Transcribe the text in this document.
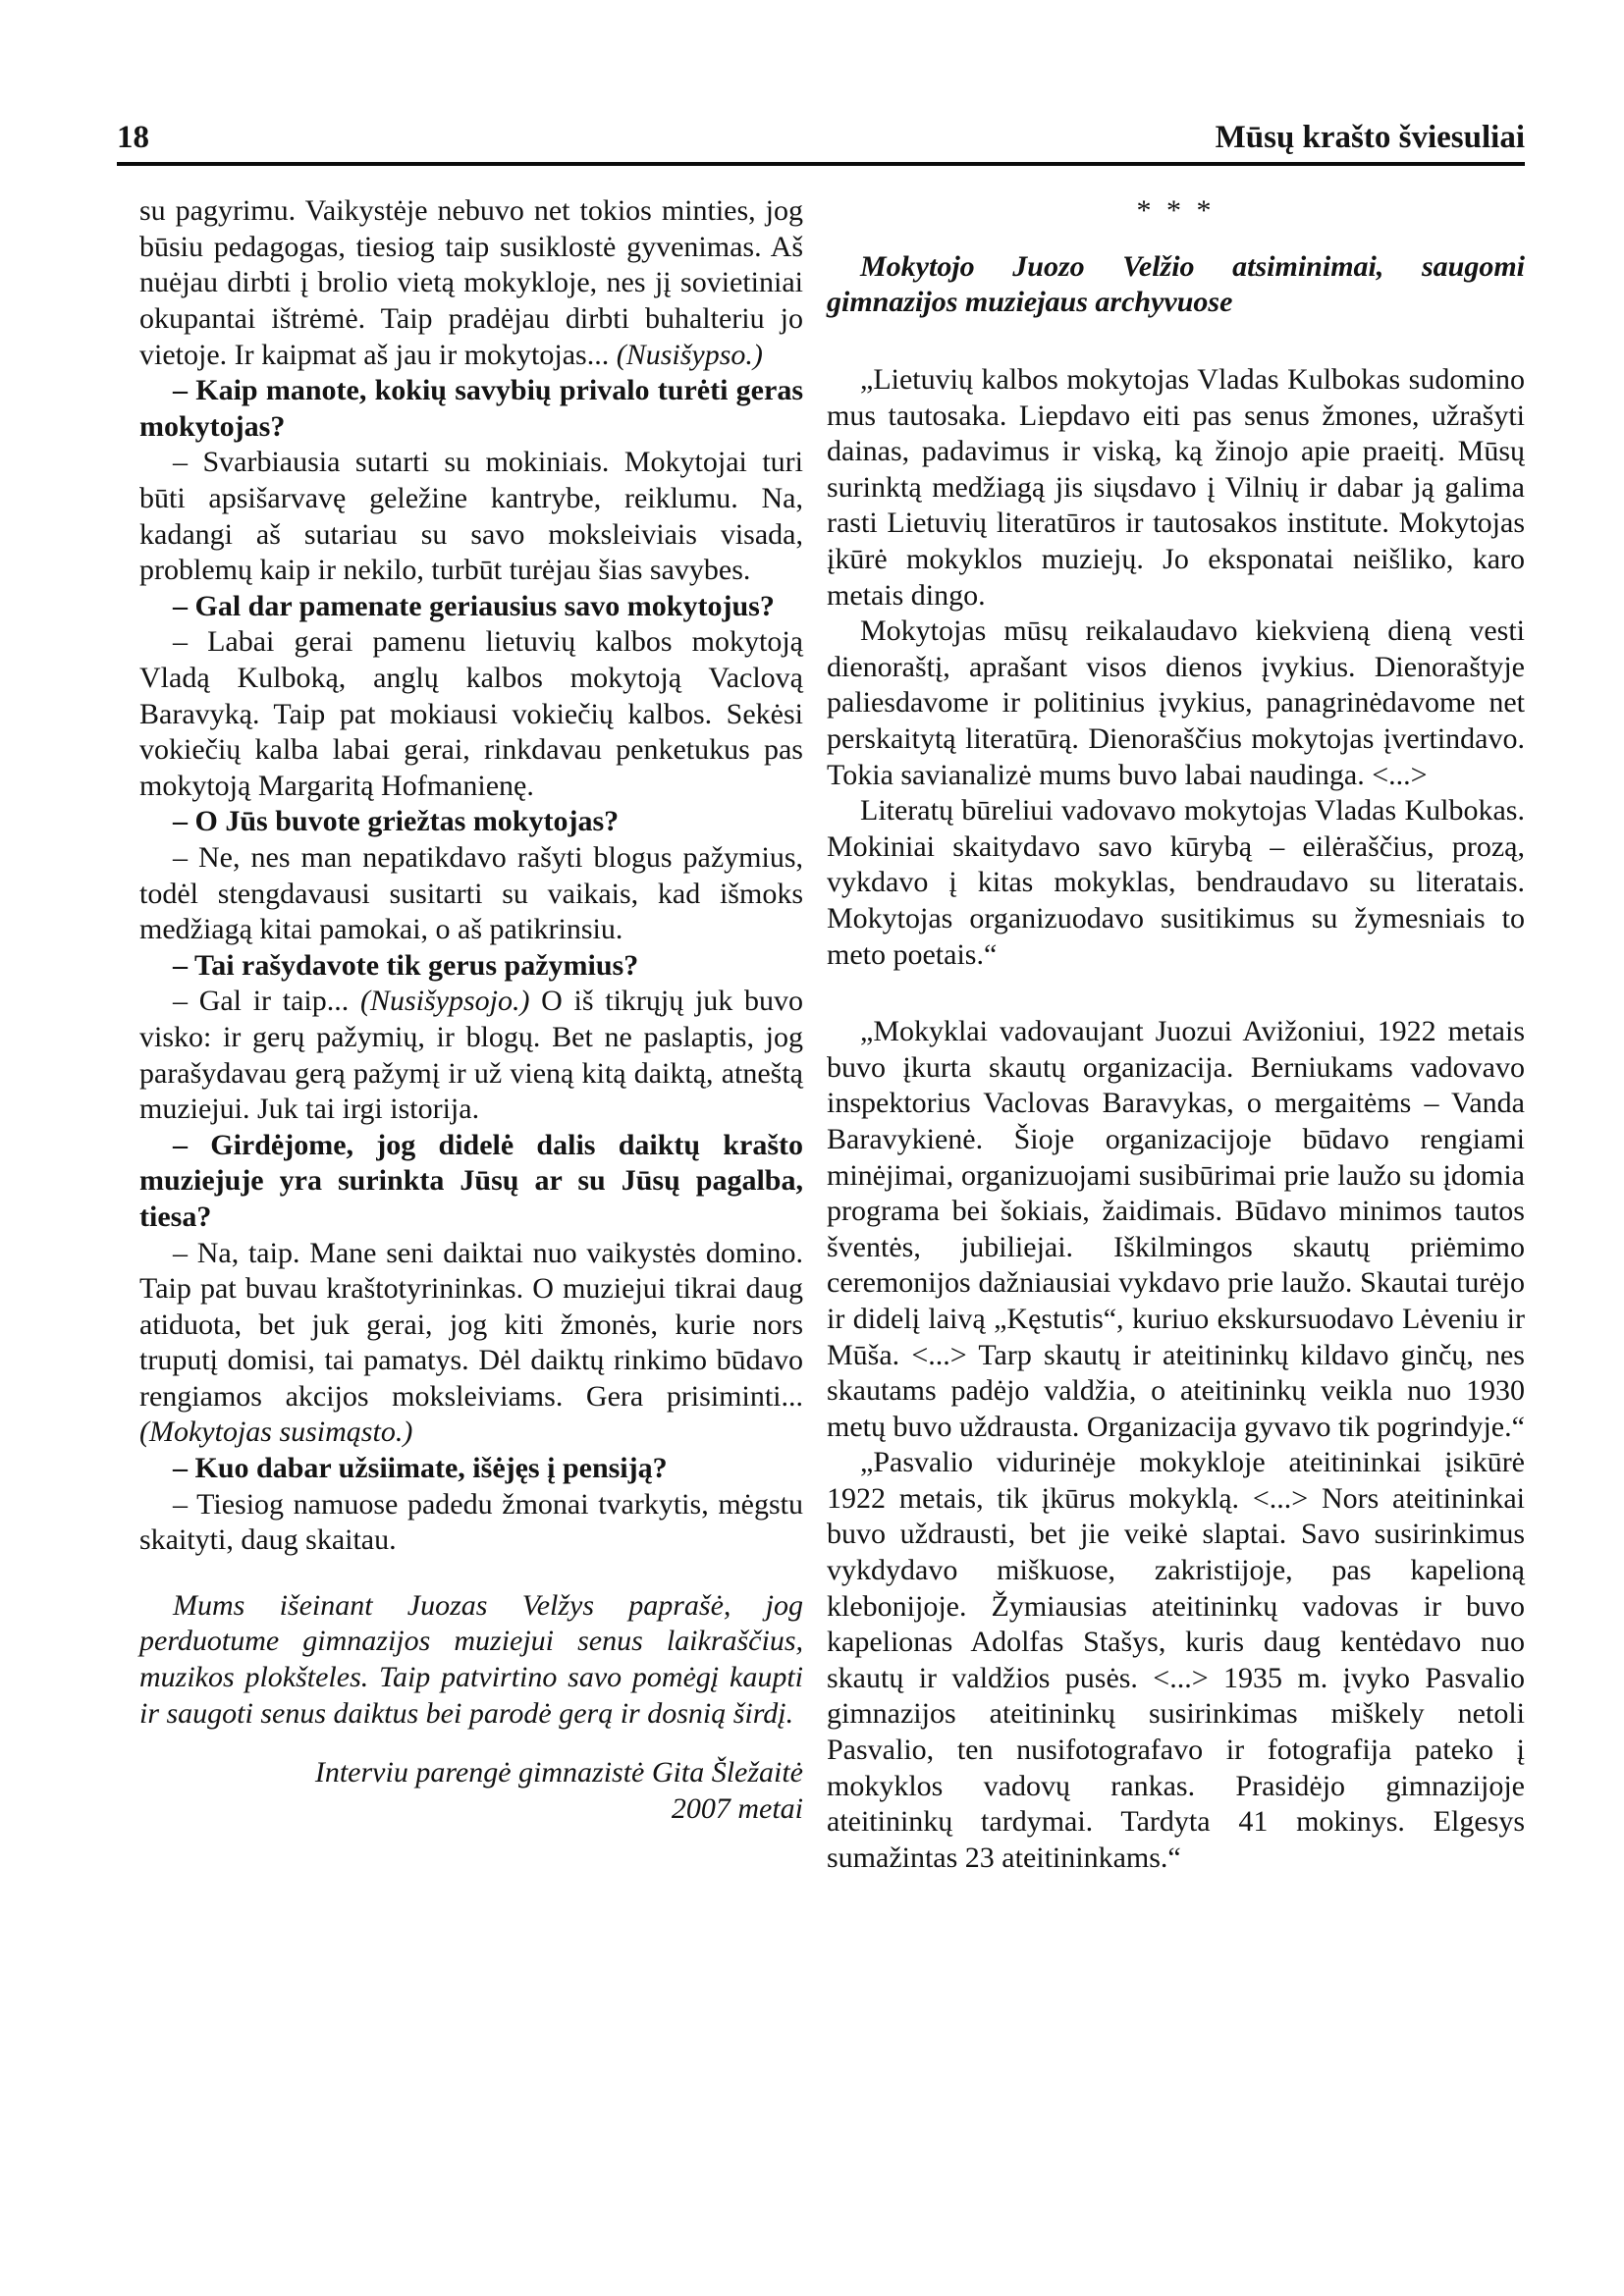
18	Mūsų krašto šviesuliai

su pagyrimu. Vaikystėje nebuvo net tokios minties, jog būsiu pedagogas, tiesiog taip susiklostė gyvenimas. Aš nuėjau dirbti į brolio vietą mokykloje, nes jį sovietiniai okupantai ištrėmė. Taip pradėjau dirbti buhalteriu jo vietoje. Ir kaipmat aš jau ir mokytojas... (Nusišypso.)

– Kaip manote, kokių savybių privalo turėti geras mokytojas?

– Svarbiausia sutarti su mokiniais. Mokytojai turi būti apsišarvavę geležine kantrybe, reiklumu. Na, kadangi aš sutariau su savo moksleiviais visada, problemų kaip ir nekilo, turbūt turėjau šias savybes.

– Gal dar pamenate geriausius savo mokytojus?

– Labai gerai pamenu lietuvių kalbos mokytoją Vladą Kulboką, anglų kalbos mokytoją Vaclovą Baravyką. Taip pat mokiausi vokiečių kalbos. Sekėsi vokiečių kalba labai gerai, rinkdavau penketukus pas mokytoją Margaritą Hofmanienę.

– O Jūs buvote griežtas mokytojas?

– Ne, nes man nepatikdavo rašyti blogus pažymius, todėl stengdavausi susitarti su vaikais, kad išmoks medžiagą kitai pamokai, o aš patikrinsiu.

– Tai rašydavote tik gerus pažymius?

– Gal ir taip... (Nusišypsojo.) O iš tikrųjų juk buvo visko: ir gerų pažymių, ir blogų. Bet ne paslaptis, jog parašydavau gerą pažymį ir už vieną kitą daiktą, atneštą muziejui. Juk tai irgi istorija.

– Girdėjome, jog didelė dalis daiktų krašto muziejuje yra surinkta Jūsų ar su Jūsų pagalba, tiesa?

– Na, taip. Mane seni daiktai nuo vaikystės domino. Taip pat buvau kraštotyrininkas. O muziejui tikrai daug atiduota, bet juk gerai, jog kiti žmonės, kurie nors truputį domisi, tai pamatys. Dėl daiktų rinkimo būdavo rengiamos akcijos moksleiviams. Gera prisiminti... (Mokytojas susimąsto.)

– Kuo dabar užsiimate, išėjęs į pensiją?

– Tiesiog namuose padedu žmonai tvarkytis, mėgstu skaityti, daug skaitau.

Mums išeinant Juozas Velžys paprašė, jog perduotume gimnazijos muziejui senus laikraščius, muzikos plokšteles. Taip patvirtino savo pomėgį kaupti ir saugoti senus daiktus bei parodė gerą ir dosnią širdį.

Interviu parengė gimnazistė Gita Šležaitė

2007 metai

* * *

Mokytojo Juozo Velžio atsiminimai, saugomi gimnazijos muziejaus archyvuose

„Lietuvių kalbos mokytojas Vladas Kulbokas sudomino mus tautosaka. Liepdavo eiti pas senus žmones, užrašyti dainas, padavimus ir viską, ką žinojo apie praeitį. Mūsų surinktą medžiagą jis siųsdavo į Vilnių ir dabar ją galima rasti Lietuvių literatūros ir tautosakos institute. Mokytojas įkūrė mokyklos muziejų. Jo eksponatai neišliko, karo metais dingo.

Mokytojas mūsų reikalaudavo kiekvieną dieną vesti dienoraštį, aprašant visos dienos įvykius. Dienoraštyje paliesdavome ir politinius įvykius, panagrinėdavome net perskaitytą literatūrą. Dienoraščius mokytojas įvertindavo. Tokia savianalizė mums buvo labai naudinga. <...>

Literatų būreliui vadovavo mokytojas Vladas Kulbokas. Mokiniai skaitydavo savo kūrybą – eilėraščius, prozą, vykdavo į kitas mokyklas, bendraudavo su literatais. Mokytojas organizuodavo susitikimus su žymesniais to meto poetais.“

„Mokyklai vadovaujant Juozui Avižoniui, 1922 metais buvo įkurta skautų organizacija. Berniukams vadovavo inspektorius Vaclovas Baravykas, o mergaitėms – Vanda Baravykienė. Šioje organizacijoje būdavo rengiami minėjimai, organizuojami susibūrimai prie laužo su įdomia programa bei šokiais, žaidimais. Būdavo minimos tautos šventės, jubiliejai. Iškilmingos skautų priėmimo ceremonijos dažniausiai vykdavo prie laužo. Skautai turėjo ir didelį laivą „Kęstutis“, kuriuo ekskursuodavo Lėveniu ir Mūša. <...> Tarp skautų ir ateitininkų kildavo ginčų, nes skautams padėjo valdžia, o ateitininkų veikla nuo 1930 metų buvo uždrausta. Organizacija gyvavo tik pogrindyje.“

„Pasvalio vidurinėje mokykloje ateitininkai įsikūrė 1922 metais, tik įkūrus mokyklą. <...> Nors ateitininkai buvo uždrausti, bet jie veikė slaptai. Savo susirinkimus vykdydavo miškuose, zakristijoje, pas kapelioną klebonijoje. Žymiausias ateitininkų vadovas ir buvo kapelionas Adolfas Stašys, kuris daug kentėdavo nuo skautų ir valdžios pusės. <...> 1935 m. įvyko Pasvalio gimnazijos ateitininkų susirinkimas miškely netoli Pasvalio, ten nusifotografavo ir fotografija pateko į mokyklos vadovų rankas. Prasidėjo gimnazijoje ateitininkų tardymai. Tardyta 41 mokinys. Elgesys sumažintas 23 ateitininkams.“
